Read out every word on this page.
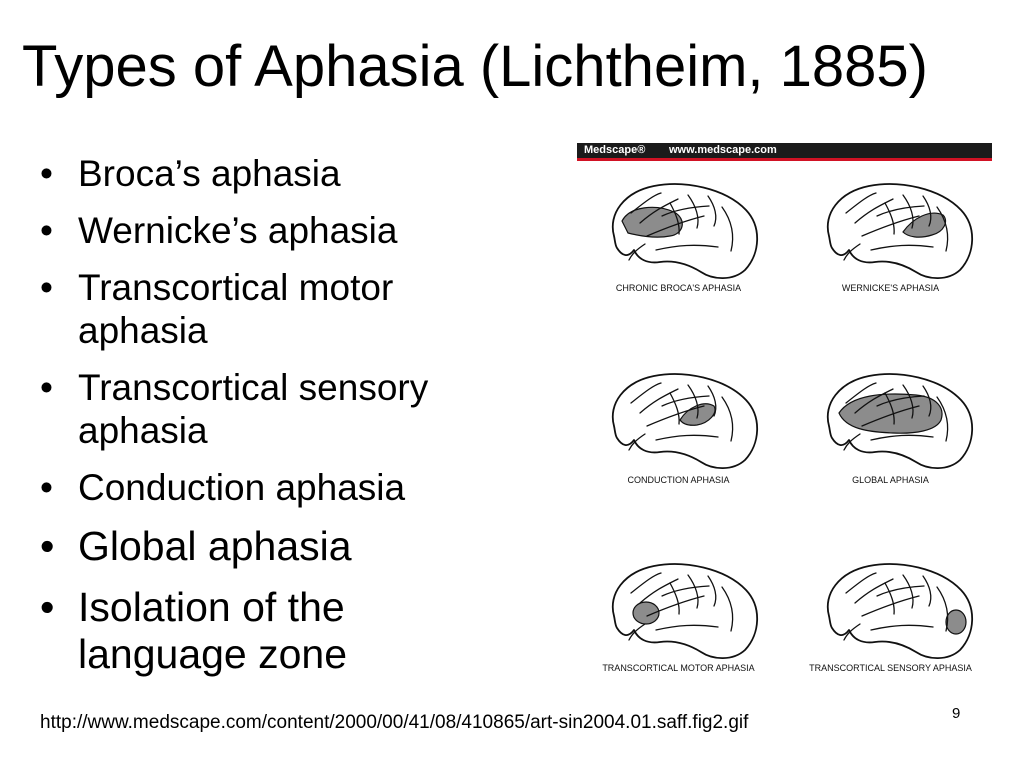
Types of Aphasia (Lichtheim, 1885)
• Broca’s aphasia
• Wernicke’s aphasia
• Transcortical motor aphasia
• Transcortical sensory aphasia
• Conduction aphasia
• Global aphasia
• Isolation of the language zone
Medscape® www.medscape.com
CHRONIC BROCA'S APHASIA	WERNICKE'S APHASIA
CONDUCTION APHASIA	GLOBAL APHASIA
TRANSCORTICAL MOTOR APHASIA	TRANSCORTICAL SENSORY APHASIA
http://www.medscape.com/content/2000/00/41/08/410865/art-sin2004.01.saff.fig2.gif	9
